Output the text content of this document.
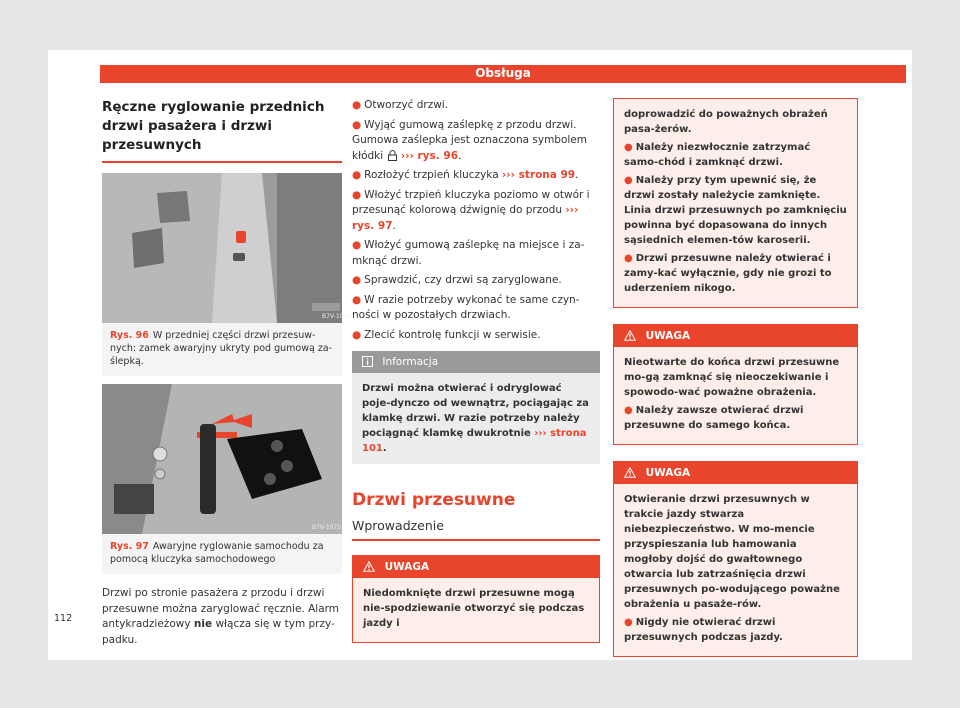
Obsługa
Ręczne ryglowanie przednich drzwi pasażera i drzwi przesuwnych
B7V-1074
Rys. 96 W przedniej części drzwi przesuw-nych: zamek awaryjny ukryty pod gumową za-ślepką.
B7V-1075
Rys. 97 Awaryjne ryglowanie samochodu za pomocą kluczyka samochodowego

Drzwi po stronie pasażera z przodu i drzwi przesuwne można zaryglować ręcznie. Alarm antykradzieżowy nie włącza się w tym przy-padku.

● Otworzyć drzwi.
● Wyjąć gumową zaślepkę z przodu drzwi. Gumowa zaślepka jest oznaczona symbolem kłódki ››› rys. 96.
● Rozłożyć trzpień kluczyka ››› strona 99.
● Włożyć trzpień kluczyka poziomo w otwór i przesunąć kolorową dźwignię do przodu ››› rys. 97.
● Włożyć gumową zaślepkę na miejsce i za-mknąć drzwi.
● Sprawdzić, czy drzwi są zaryglowane.
● W razie potrzeby wykonać te same czyn-ności w pozostałych drzwiach.
● Zlecić kontrolę funkcji w serwisie.
Informacja
Drzwi można otwierać i odryglować poje-dynczo od wewnątrz, pociągając za klamkę drzwi. W razie potrzeby należy pociągnąć klamkę dwukrotnie ››› strona 101.
Drzwi przesuwne
Wprowadzenie
UWAGA

Niedomknięte drzwi przesuwne mogą nie-spodziewanie otworzyć się podczas jazdy i

doprowadzić do poważnych obrażeń pasa-żerów.

● Należy niezwłocznie zatrzymać samo-chód i zamknąć drzwi.

● Należy przy tym upewnić się, że drzwi zostały należycie zamknięte. Linia drzwi przesuwnych po zamknięciu powinna być dopasowana do innych sąsiednich elemen-tów karoserii.

● Drzwi przesuwne należy otwierać i zamy-kać wyłącznie, gdy nie grozi to uderzeniem nikogo.

UWAGA

Nieotwarte do końca drzwi przesuwne mo-gą zamknąć się nieoczekiwanie i spowodo-wać poważne obrażenia.

● Należy zawsze otwierać drzwi przesuwne do samego końca.

UWAGA

Otwieranie drzwi przesuwnych w trakcie jazdy stwarza niebezpieczeństwo. W mo-mencie przyspieszania lub hamowania mogłoby dojść do gwałtownego otwarcia lub zatrzaśnięcia drzwi przesuwnych po-wodującego poważne obrażenia u pasaże-rów.

● Nigdy nie otwierać drzwi przesuwnych podczas jazdy.

112
